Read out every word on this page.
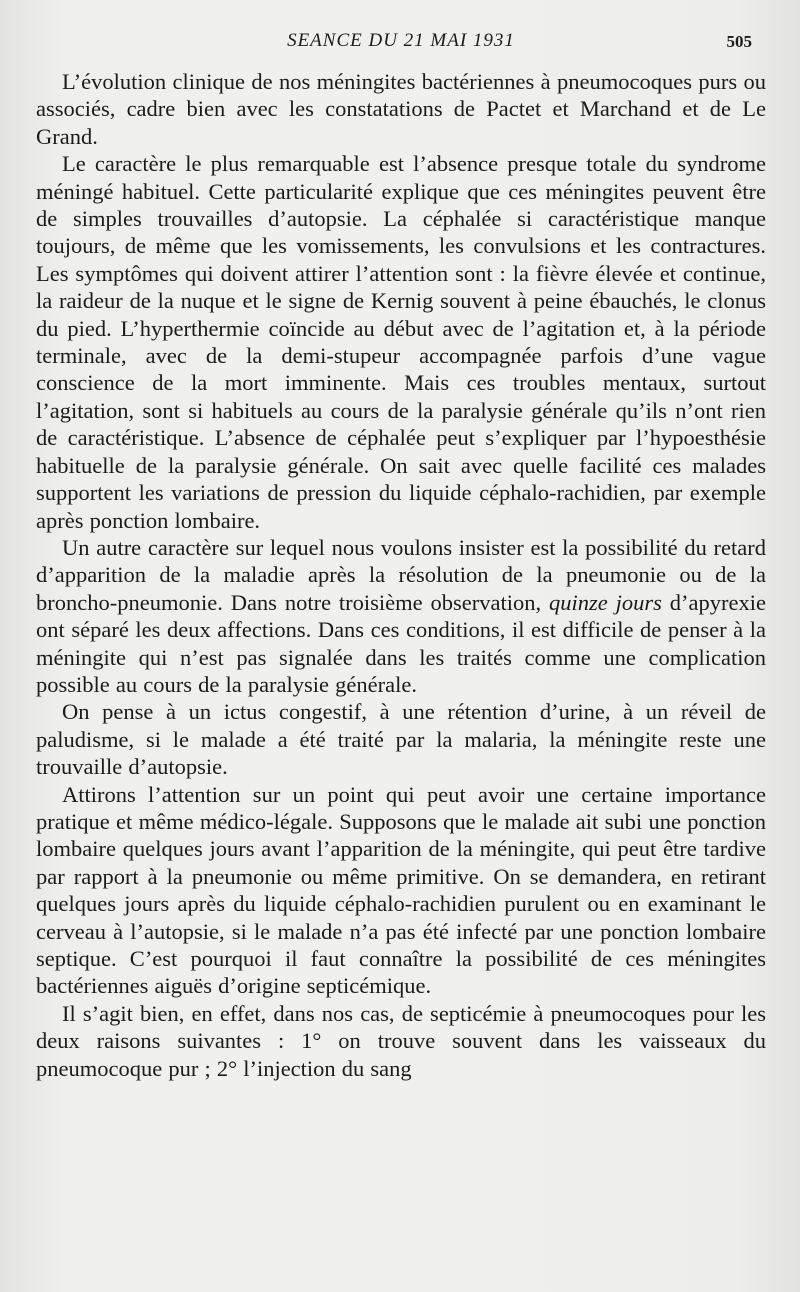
SEANCE DU 21 MAI 1931	505

L’évolution clinique de nos méningites bactériennes à pneumocoques purs ou associés, cadre bien avec les constatations de Pactet et Marchand et de Le Grand.

Le caractère le plus remarquable est l’absence presque totale du syndrome méningé habituel. Cette particularité explique que ces méningites peuvent être de simples trouvailles d’autopsie. La céphalée si caractéristique manque toujours, de même que les vomissements, les convulsions et les contractures. Les symptômes qui doivent attirer l’attention sont : la fièvre élevée et continue, la raideur de la nuque et le signe de Kernig souvent à peine ébauchés, le clonus du pied. L’hyperthermie coïncide au début avec de l’agitation et, à la période terminale, avec de la demi-stupeur accompagnée parfois d’une vague conscience de la mort imminente. Mais ces troubles mentaux, surtout l’agitation, sont si habituels au cours de la paralysie générale qu’ils n’ont rien de caractéristique. L’absence de céphalée peut s’expliquer par l’hypoesthésie habituelle de la paralysie générale. On sait avec quelle facilité ces malades supportent les variations de pression du liquide céphalo-rachidien, par exemple après ponction lombaire.

Un autre caractère sur lequel nous voulons insister est la possibilité du retard d’apparition de la maladie après la résolution de la pneumonie ou de la broncho-pneumonie. Dans notre troisième observation, quinze jours d’apyrexie ont séparé les deux affections. Dans ces conditions, il est difficile de penser à la méningite qui n’est pas signalée dans les traités comme une complication possible au cours de la paralysie générale.

On pense à un ictus congestif, à une rétention d’urine, à un réveil de paludisme, si le malade a été traité par la malaria, la méningite reste une trouvaille d’autopsie.

Attirons l’attention sur un point qui peut avoir une certaine importance pratique et même médico-légale. Supposons que le malade ait subi une ponction lombaire quelques jours avant l’apparition de la méningite, qui peut être tardive par rapport à la pneumonie ou même primitive. On se demandera, en retirant quelques jours après du liquide céphalo-rachidien purulent ou en examinant le cerveau à l’autopsie, si le malade n’a pas été infecté par une ponction lombaire septique. C’est pourquoi il faut connaître la possibilité de ces méningites bactériennes aiguës d’origine septicémique.

Il s’agit bien, en effet, dans nos cas, de septicémie à pneumocoques pour les deux raisons suivantes : 1° on trouve souvent dans les vaisseaux du pneumocoque pur ; 2° l’injection du sang
